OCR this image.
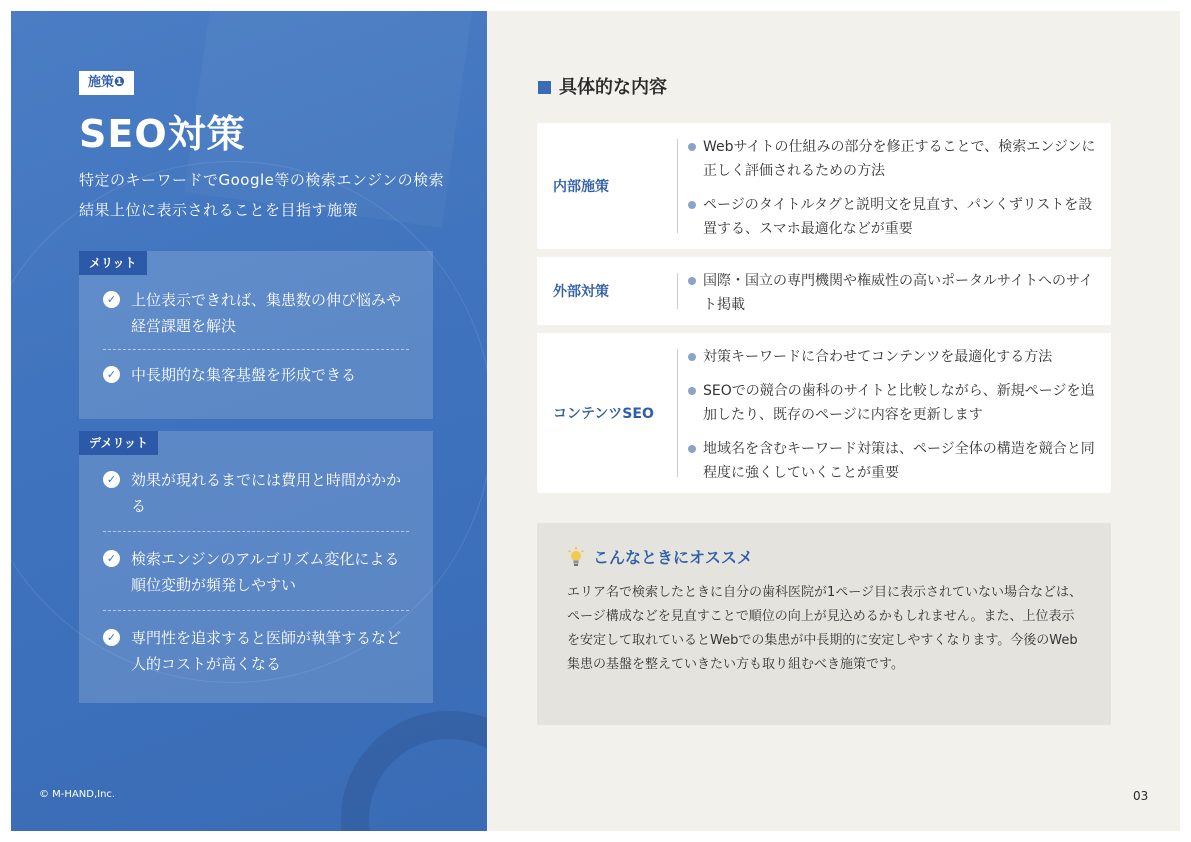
施策❶
SEO対策
特定のキーワードでGoogle等の検索エンジンの検索結果上位に表示されることを目指す施策
メリット
✓ 上位表示できれば、集患数の伸び悩みや経営課題を解決
✓ 中長期的な集客基盤を形成できる
デメリット
✓ 効果が現れるまでには費用と時間がかかる
✓ 検索エンジンのアルゴリズム変化による順位変動が頻発しやすい
✓ 専門性を追求すると医師が執筆するなど人的コストが高くなる
© M-HAND,Inc.
具体的な内容
内部施策
Webサイトの仕組みの部分を修正することで、検索エンジンに正しく評価されるための方法
ページのタイトルタグと説明文を見直す、パンくずリストを設置する、スマホ最適化などが重要
外部対策
国際・国立の専門機関や権威性の高いポータルサイトへのサイト掲載
コンテンツSEO
対策キーワードに合わせてコンテンツを最適化する方法
SEOでの競合の歯科のサイトと比較しながら、新規ページを追加したり、既存のページに内容を更新します
地域名を含むキーワード対策は、ページ全体の構造を競合と同程度に強くしていくことが重要
こんなときにオススメ
エリア名で検索したときに自分の歯科医院が1ページ目に表示されていない場合などは、ページ構成などを見直すことで順位の向上が見込めるかもしれません。また、上位表示を安定して取れているとWebでの集患が中長期的に安定しやすくなります。今後のWeb集患の基盤を整えていきたい方も取り組むべき施策です。
03
